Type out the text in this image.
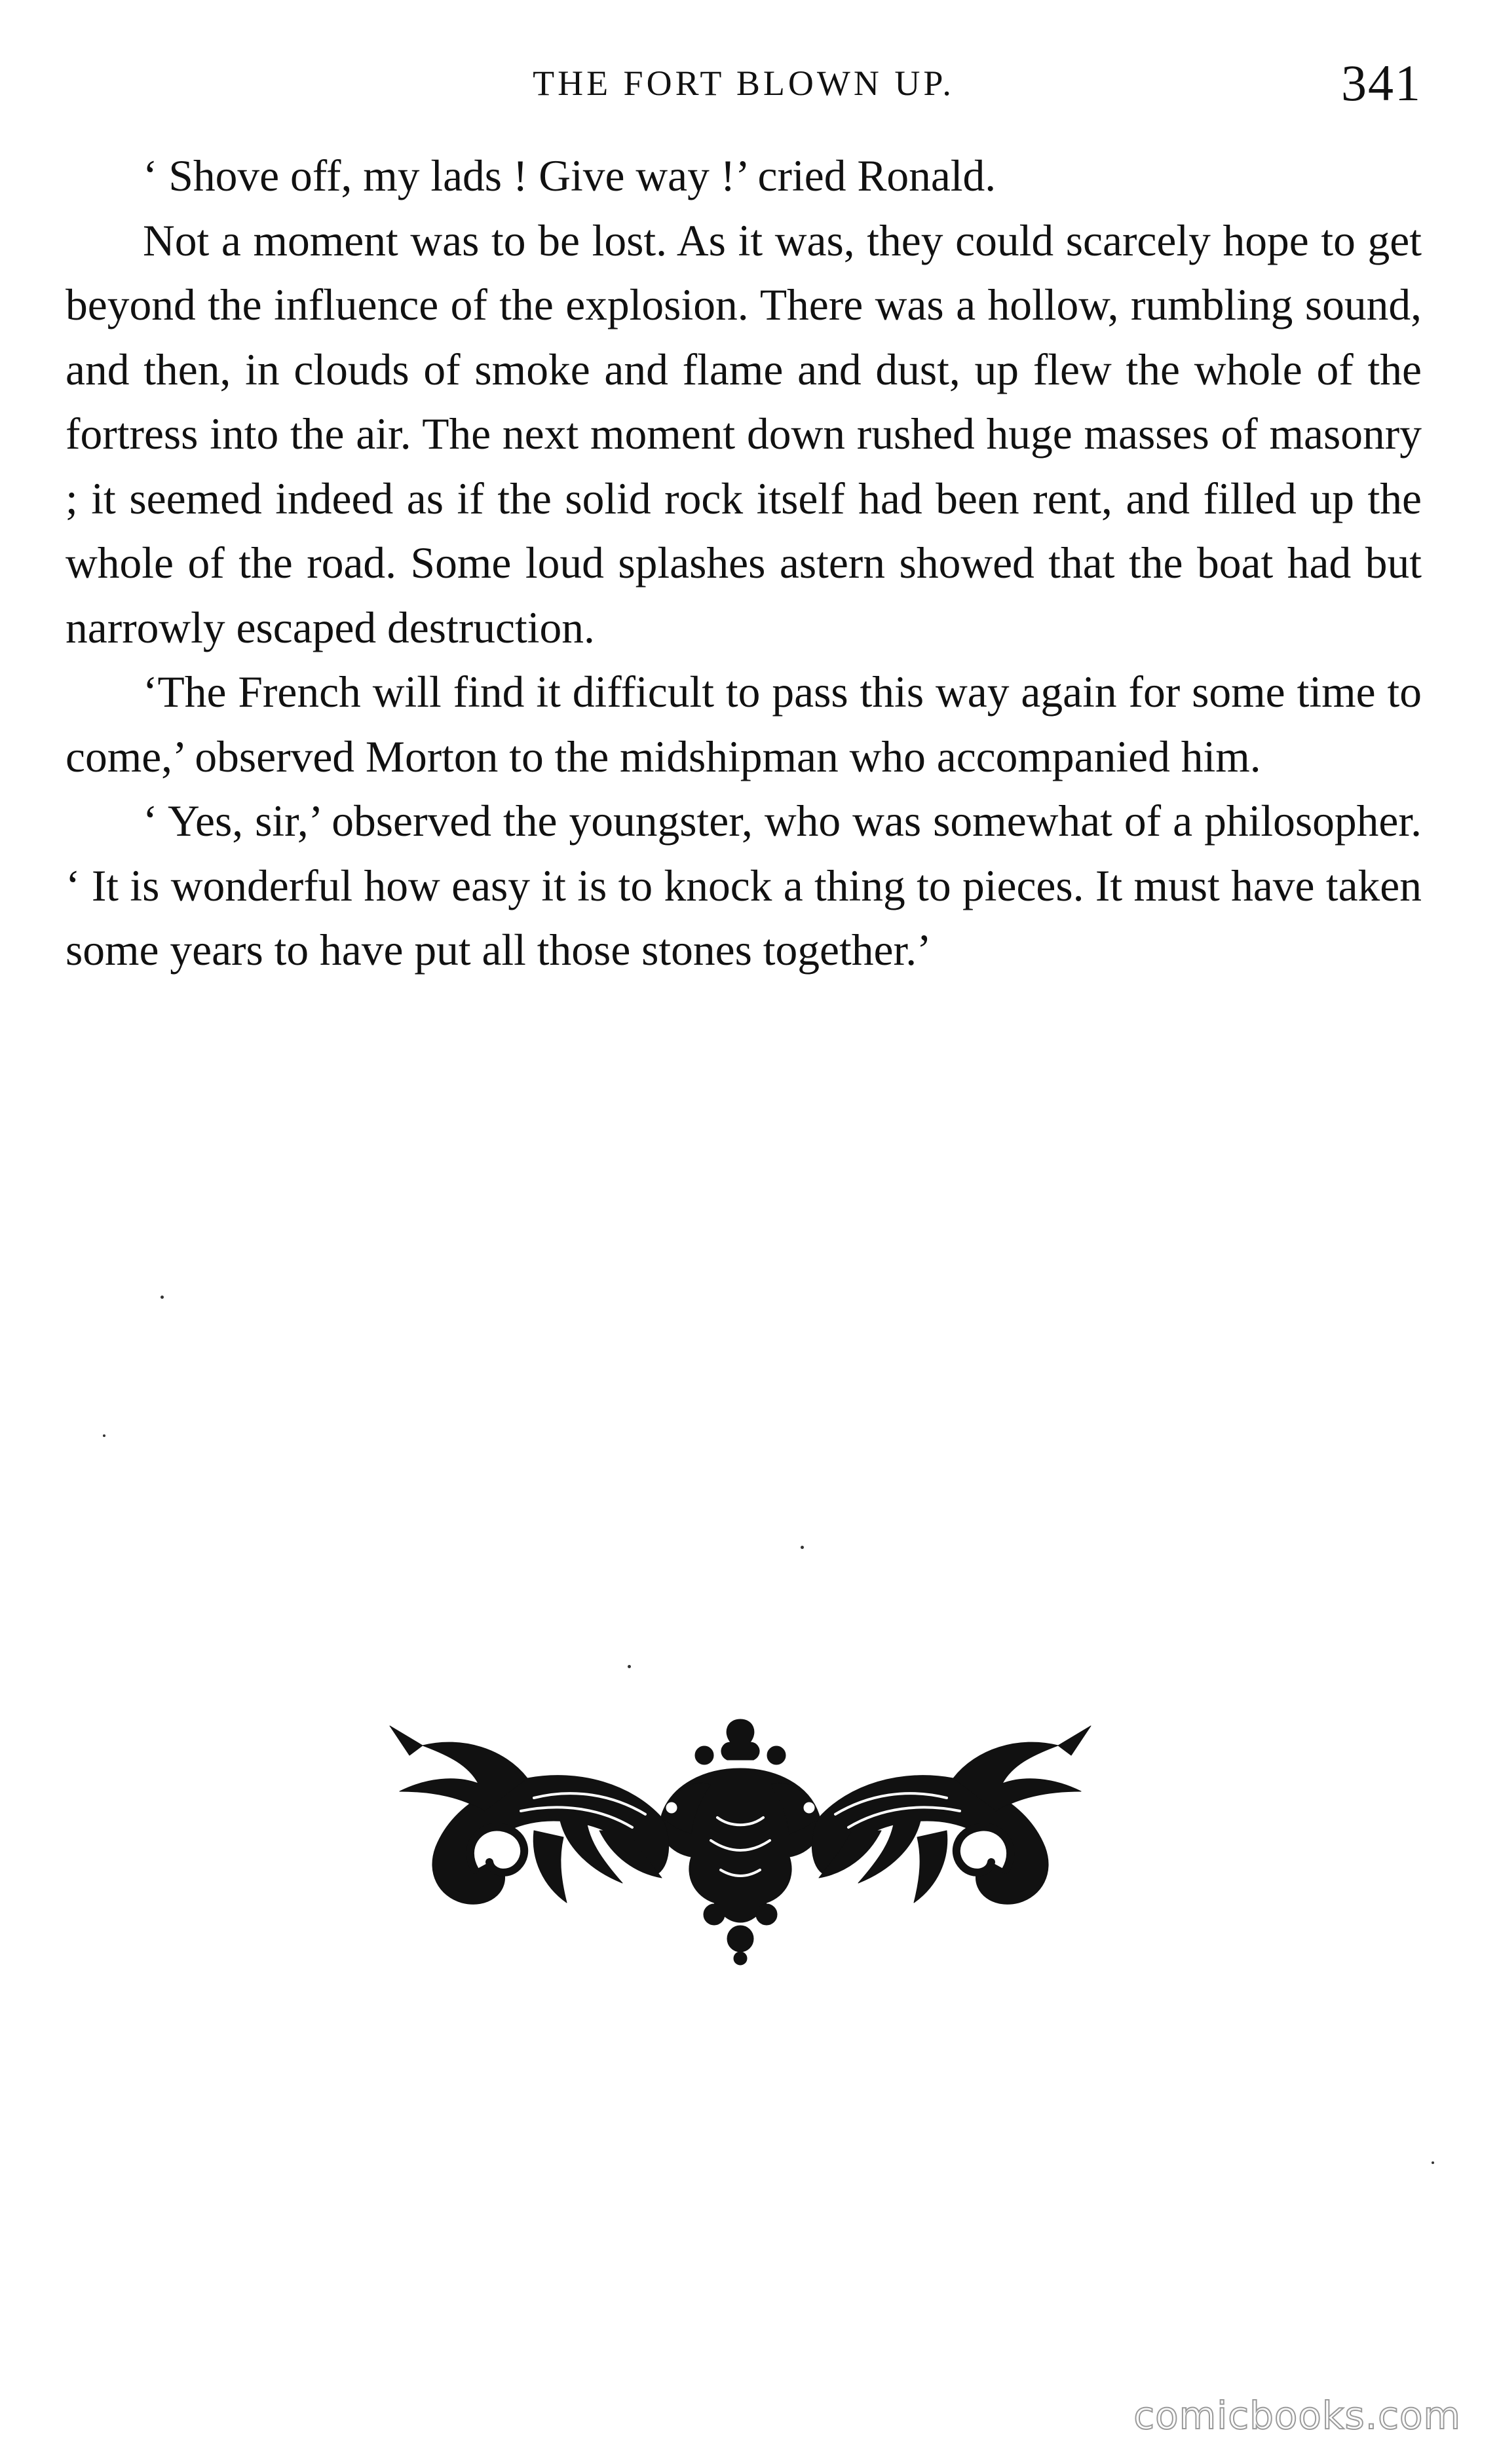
THE FORT BLOWN UP.	341

‘ Shove off, my lads ! Give way !’ cried Ronald.

Not a moment was to be lost. As it was, they could scarcely hope to get beyond the influence of the explosion. There was a hollow, rumbling sound, and then, in clouds of smoke and flame and dust, up flew the whole of the fortress into the air. The next moment down rushed huge masses of masonry ; it seemed indeed as if the solid rock itself had been rent, and filled up the whole of the road. Some loud splashes astern showed that the boat had but narrowly escaped destruction.

‘The French will find it difficult to pass this way again for some time to come,’ observed Morton to the midshipman who accompanied him.

‘ Yes, sir,’ observed the youngster, who was somewhat of a philosopher. ‘ It is wonderful how easy it is to knock a thing to pieces. It must have taken some years to have put all those stones together.’

comicbooks.com
